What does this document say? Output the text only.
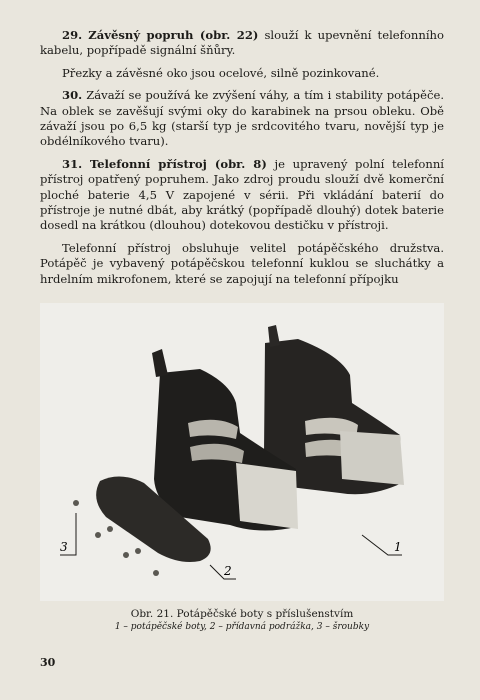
29. Závěsný popruh (obr. 22) slouží k upevnění telefonního kabelu, popřípadě signální šňůry.

Přezky a závěsné oko jsou ocelové, silně pozinkované.

30. Závaží se používá ke zvýšení váhy, a tím i stability potápěče. Na oblek se zavěšují svými oky do karabinek na prsou obleku. Obě závaží jsou po 6,5 kg (starší typ je srdcovitého tvaru, novější typ je obdélníkového tvaru).

31. Telefonní přístroj (obr. 8) je upravený polní telefonní přístroj opatřený popruhem. Jako zdroj proudu slouží dvě komerční ploché baterie 4,5 V zapojené v sérii. Při vkládání baterií do přístroje je nutné dbát, aby krátký (popřípadě dlouhý) dotek baterie dosedl na krátkou (dlouhou) dotekovou destičku v přístroji.

Telefonní přístroj obsluhuje velitel potápěčského družstva. Potápěč je vybavený potápěčskou telefonní kuklou se sluchátky a hrdelním mikrofonem, které se zapojují na telefonní přípojku

1
2
3
Obr. 21. Potápěčské boty s příslušenstvím
1 – potápěčské boty, 2 – přídavná podrážka, 3 – šroubky
30
